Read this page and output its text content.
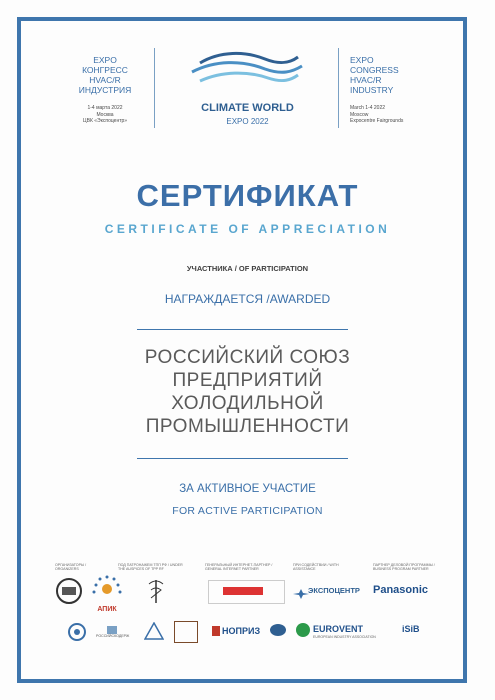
EXPO
КОНГРЕСС
HVAC/R
ИНДУСТРИЯ
1-4 марта 2022
Москва
ЦВК «Экспоцентр»
CLIMATE WORLD
EXPO 2022
EXPO
CONGRESS
HVAC/R
INDUSTRY
March 1-4 2022
Moscow
Expocentre Fairgrounds
СЕРТИФИКАТ
CERTIFICATE OF APPRECIATION
УЧАСТНИКА / OF PARTICIPATION
НАГРАЖДАЕТСЯ /AWARDED
РОССИЙСКИЙ СОЮЗ
ПРЕДПРИЯТИЙ
ХОЛОДИЛЬНОЙ
ПРОМЫШЛЕННОСТИ
ЗА АКТИВНОЕ УЧАСТИЕ
FOR ACTIVE PARTICIPATION
ОРГАНИЗАТОРЫ / ORGANIZERS
ПОД ПАТРОНАЖЕМ ТПП РФ / UNDER THE AUSPICES OF TPP RF
ГЕНЕРАЛЬНЫЙ ИНТЕРНЕТ-ПАРТНЕР / GENERAL INTERNET PARTNER
ПРИ СОДЕЙСТВИИ / WITH ASSISTANCE
ПАРТНЕР ДЕЛОВОЙ ПРОГРАММЫ / BUSINESS PROGRAM PARTNER
АПИК
ЭКСПОЦЕНТР Panasonic
РОССИЙСКОДЕРЖ	НОПРИЗ	EUROVENT
EUROPEAN INDUSTRY ASSOCIATION
iSiB
